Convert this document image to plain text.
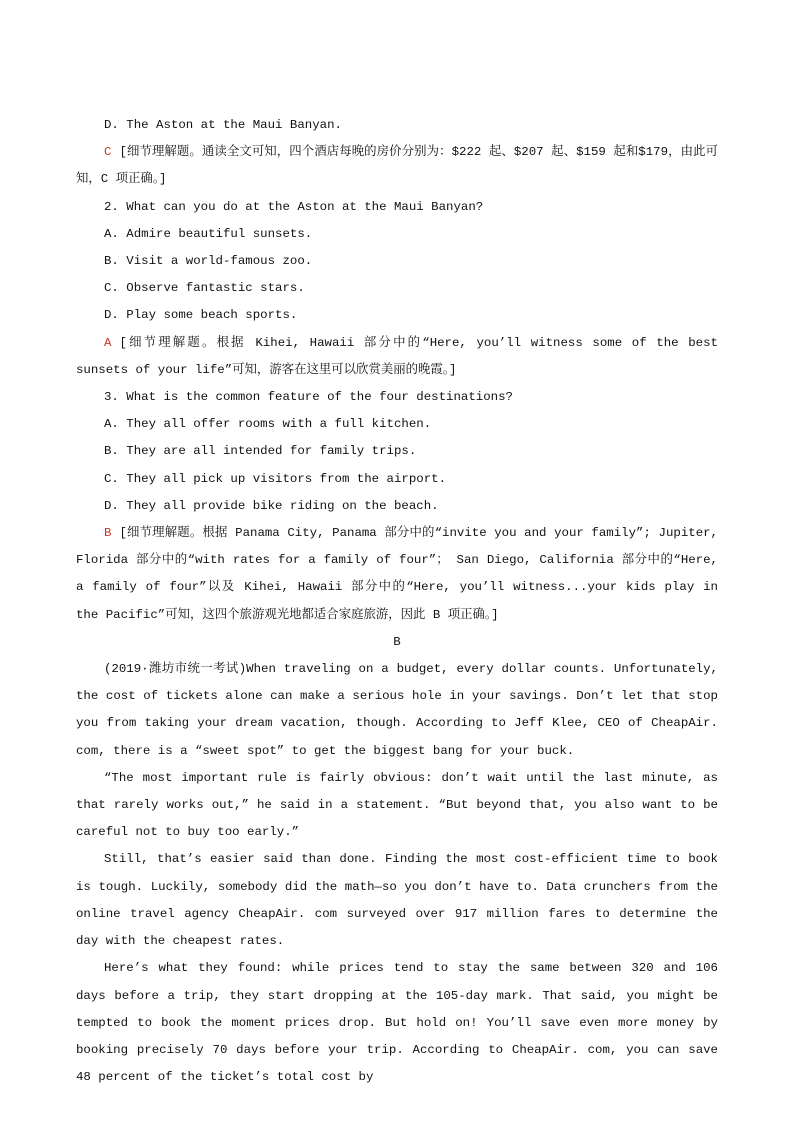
D. The Aston at the Maui Banyan.

C [细节理解题。通读全文可知，四个酒店每晚的房价分别为：$222 起、$207 起、$159 起和$179，由此可知，C 项正确。]

2. What can you do at the Aston at the Maui Banyan?

A. Admire beautiful sunsets.

B. Visit a world-famous zoo.

C. Observe fantastic stars.

D. Play some beach sports.

A [细节理解题。根据 Kihei, Hawaii 部分中的“Here, you’ll witness some of the best sunsets of your life”可知，游客在这里可以欣赏美丽的晚霞。]

3. What is the common feature of the four destinations?

A. They all offer rooms with a full kitchen.

B. They are all intended for family trips.

C. They all pick up visitors from the airport.

D. They all provide bike riding on the beach.

B [细节理解题。根据 Panama City, Panama 部分中的“invite you and your family”; Jupiter, Florida 部分中的“with rates for a family of four”； San Diego, California 部分中的“Here, a family of four”以及 Kihei, Hawaii 部分中的“Here, you’ll witness...your kids play in the Pacific”可知，这四个旅游观光地都适合家庭旅游，因此 B 项正确。]

B

(2019·潍坊市统一考试)When traveling on a budget, every dollar counts. Unfortunately, the cost of tickets alone can make a serious hole in your savings. Don’t let that stop you from taking your dream vacation, though. According to Jeff Klee, CEO of CheapAir. com, there is a “sweet spot” to get the biggest bang for your buck.

“The most important rule is fairly obvious: don’t wait until the last minute, as that rarely works out,” he said in a statement. “But beyond that, you also want to be careful not to buy too early.”

Still, that’s easier said than done. Finding the most cost-efficient time to book is tough. Luckily, somebody did the math—so you don’t have to. Data crunchers from the online travel agency CheapAir. com surveyed over 917 million fares to determine the day with the cheapest rates.

Here’s what they found: while prices tend to stay the same between 320 and 106 days before a trip, they start dropping at the 105-day mark. That said, you might be tempted to book the moment prices drop. But hold on! You’ll save even more money by booking precisely 70 days before your trip. According to CheapAir. com, you can save 48 percent of the ticket’s total cost by
